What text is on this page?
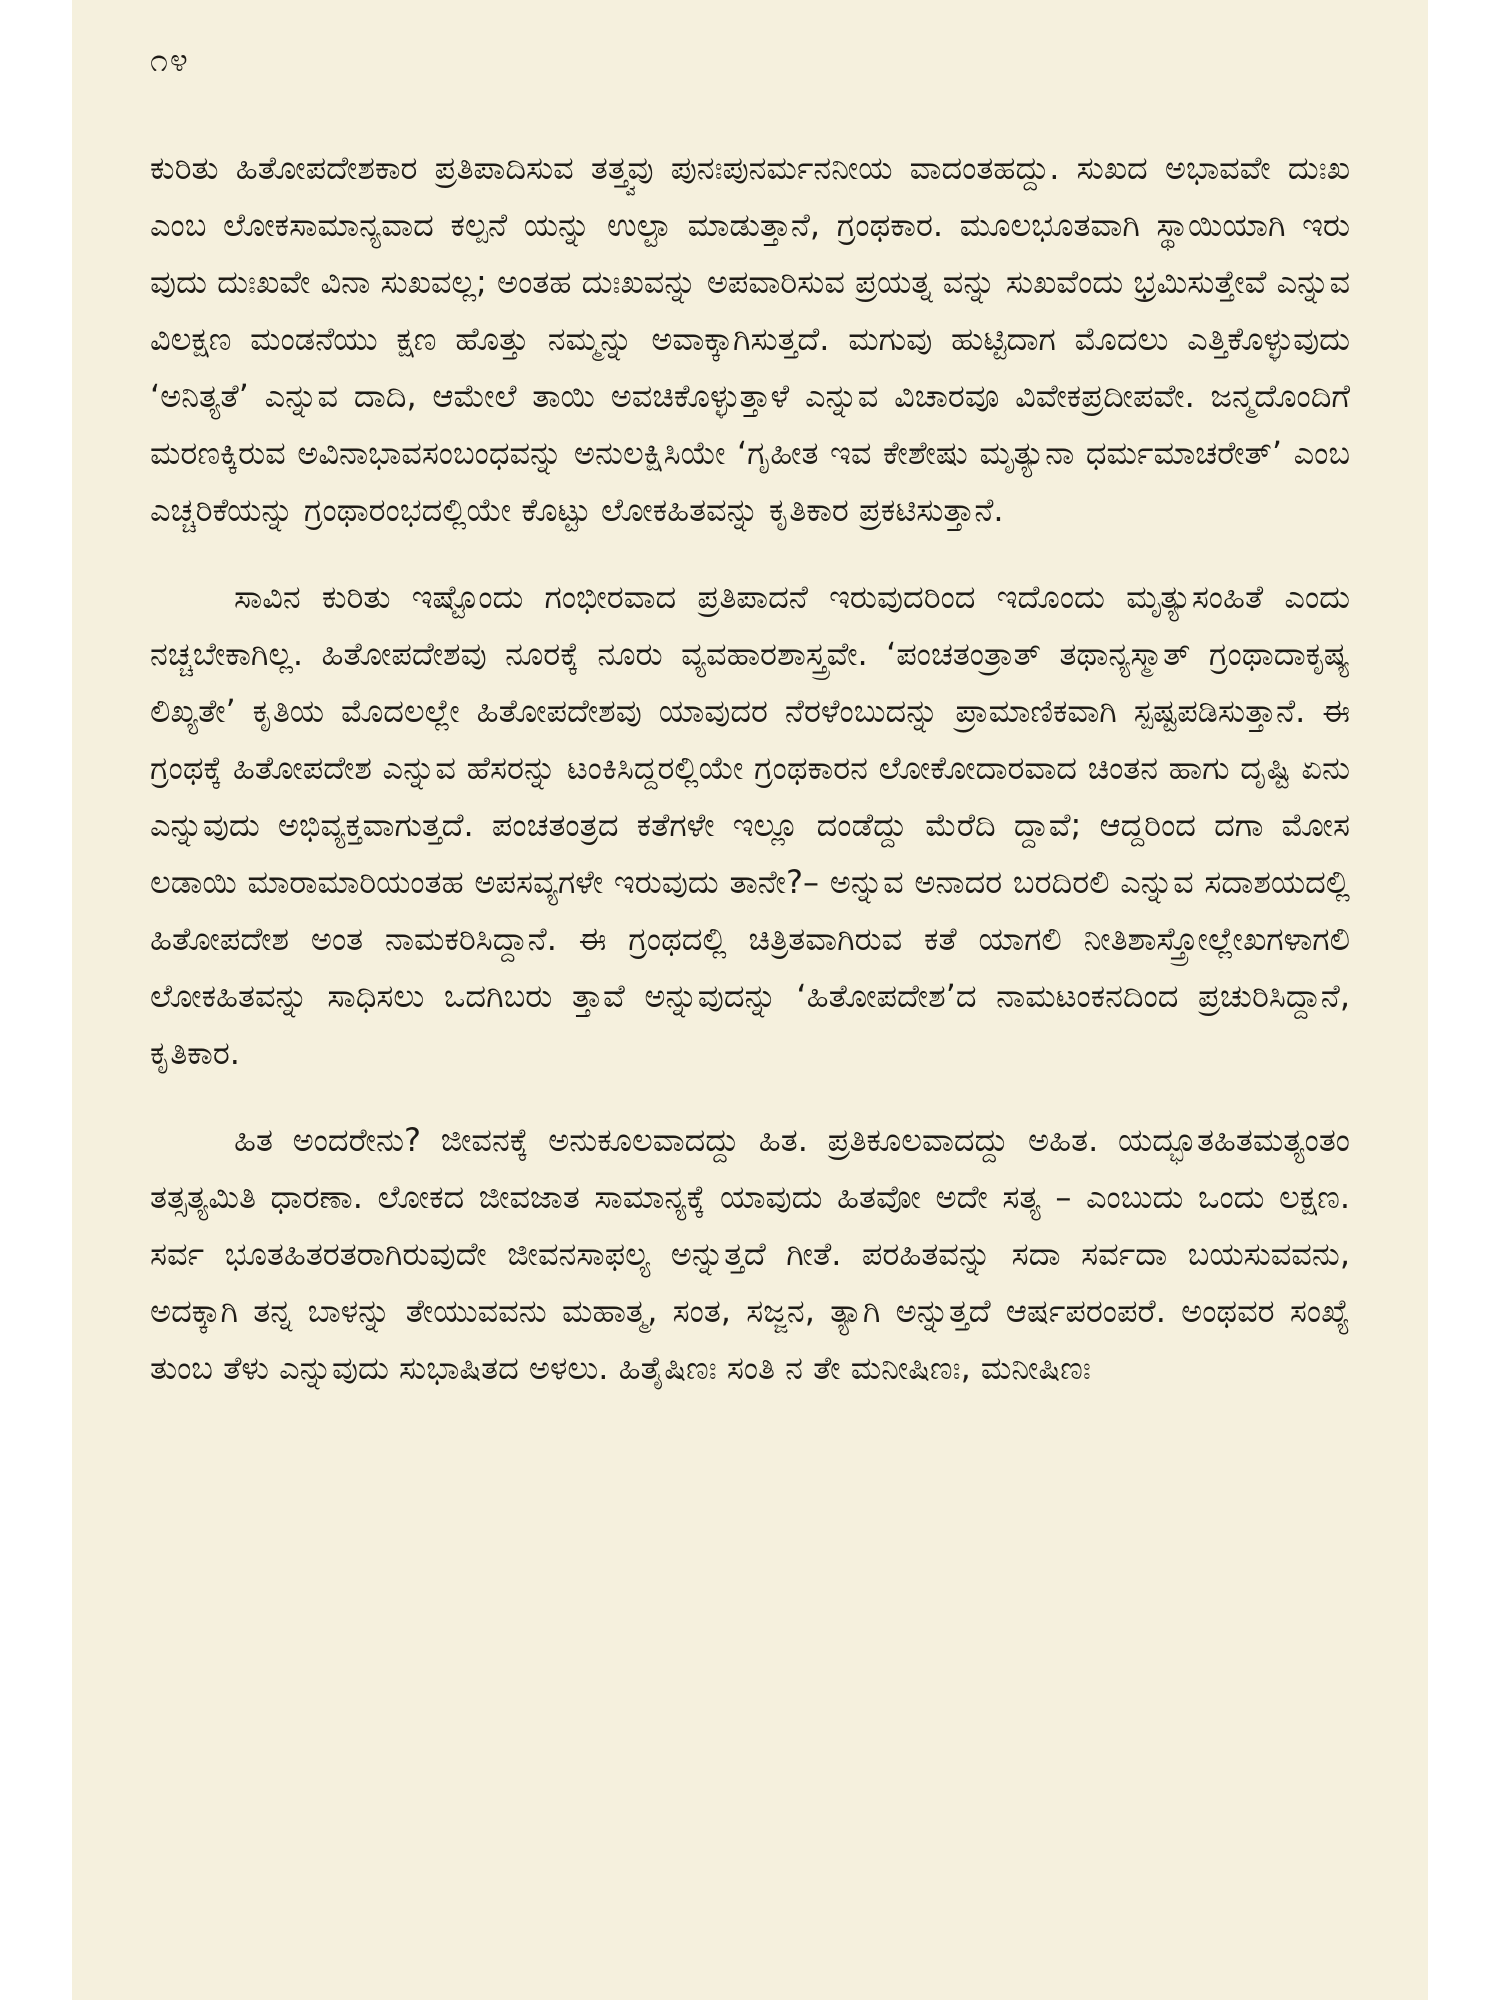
೧೪

ಕುರಿತು ಹಿತೋಪದೇಶಕಾರ ಪ್ರತಿಪಾದಿಸುವ ತತ್ತ್ವವು ಪುನಃಪುನರ್ಮನನೀಯ ವಾದಂತಹದ್ದು. ಸುಖದ ಅಭಾವವೇ ದುಃಖ ಎಂಬ ಲೋಕಸಾಮಾನ್ಯವಾದ ಕಲ್ಪನೆ ಯನ್ನು ಉಲ್ಟಾ ಮಾಡುತ್ತಾನೆ, ಗ್ರಂಥಕಾರ. ಮೂಲಭೂತವಾಗಿ ಸ್ಥಾಯಿಯಾಗಿ ಇರು ವುದು ದುಃಖವೇ ವಿನಾ ಸುಖವಲ್ಲ; ಅಂತಹ ದುಃಖವನ್ನು ಅಪವಾರಿಸುವ ಪ್ರಯತ್ನ ವನ್ನು ಸುಖವೆಂದು ಭ್ರಮಿಸುತ್ತೇವೆ ಎನ್ನುವ ವಿಲಕ್ಷಣ ಮಂಡನೆಯು ಕ್ಷಣ ಹೊತ್ತು ನಮ್ಮನ್ನು ಅವಾಕ್ಕಾಗಿಸುತ್ತದೆ. ಮಗುವು ಹುಟ್ಟಿದಾಗ ಮೊದಲು ಎತ್ತಿಕೊಳ್ಳುವುದು ‘ಅನಿತ್ಯತೆ’ ಎನ್ನುವ ದಾದಿ, ಆಮೇಲೆ ತಾಯಿ ಅವಚಿಕೊಳ್ಳುತ್ತಾಳೆ ಎನ್ನುವ ವಿಚಾರವೂ ವಿವೇಕಪ್ರದೀಪವೇ. ಜನ್ಮದೊಂದಿಗೆ ಮರಣಕ್ಕಿರುವ ಅವಿನಾಭಾವಸಂಬಂಧವನ್ನು ಅನುಲಕ್ಷಿಸಿಯೇ ‘ಗೃಹೀತ ಇವ ಕೇಶೇಷು ಮೃತ್ಯುನಾ ಧರ್ಮಮಾಚರೇತ್’ ಎಂಬ ಎಚ್ಚರಿಕೆಯನ್ನು ಗ್ರಂಥಾರಂಭದಲ್ಲಿಯೇ ಕೊಟ್ಟು ಲೋಕಹಿತವನ್ನು ಕೃತಿಕಾರ ಪ್ರಕಟಿಸುತ್ತಾನೆ.

ಸಾವಿನ ಕುರಿತು ಇಷ್ಟೊಂದು ಗಂಭೀರವಾದ ಪ್ರತಿಪಾದನೆ ಇರುವುದರಿಂದ ಇದೊಂದು ಮೃತ್ಯುಸಂಹಿತೆ ಎಂದು ನಚ್ಚಬೇಕಾಗಿಲ್ಲ. ಹಿತೋಪದೇಶವು ನೂರಕ್ಕೆ ನೂರು ವ್ಯವಹಾರಶಾಸ್ತ್ರವೇ. ‘ಪಂಚತಂತ್ರಾತ್ ತಥಾನ್ಯಸ್ಮಾತ್ ಗ್ರಂಥಾದಾಕೃಷ್ಯ ಲಿಖ್ಯತೇ’ ಕೃತಿಯ ಮೊದಲಲ್ಲೇ ಹಿತೋಪದೇಶವು ಯಾವುದರ ನೆರಳೆಂಬುದನ್ನು ಪ್ರಾಮಾಣಿಕವಾಗಿ ಸ್ಪಷ್ಟಪಡಿಸುತ್ತಾನೆ. ಈ ಗ್ರಂಥಕ್ಕೆ ಹಿತೋಪದೇಶ ಎನ್ನುವ ಹೆಸರನ್ನು ಟಂಕಿಸಿದ್ದರಲ್ಲಿಯೇ ಗ್ರಂಥಕಾರನ ಲೋಕೋದಾರವಾದ ಚಿಂತನ ಹಾಗು ದೃಷ್ಟಿ ಏನು ಎನ್ನುವುದು ಅಭಿವ್ಯಕ್ತವಾಗುತ್ತದೆ. ಪಂಚತಂತ್ರದ ಕತೆಗಳೇ ಇಲ್ಲೂ ದಂಡೆದ್ದು ಮೆರೆದಿ ದ್ದಾವೆ; ಆದ್ದರಿಂದ ದಗಾ ಮೋಸ ಲಡಾಯಿ ಮಾರಾಮಾರಿಯಂತಹ ಅಪಸವ್ಯಗಳೇ ಇರುವುದು ತಾನೇ?– ಅನ್ನುವ ಅನಾದರ ಬರದಿರಲಿ ಎನ್ನುವ ಸದಾಶಯದಲ್ಲಿ ಹಿತೋಪದೇಶ ಅಂತ ನಾಮಕರಿಸಿದ್ದಾನೆ. ಈ ಗ್ರಂಥದಲ್ಲಿ ಚಿತ್ರಿತವಾಗಿರುವ ಕತೆ ಯಾಗಲಿ ನೀತಿಶಾಸ್ತ್ರೋಲ್ಲೇಖಗಳಾಗಲಿ ಲೋಕಹಿತವನ್ನು ಸಾಧಿಸಲು ಒದಗಿಬರು ತ್ತಾವೆ ಅನ್ನುವುದನ್ನು ‘ಹಿತೋಪದೇಶ’ದ ನಾಮಟಂಕನದಿಂದ ಪ್ರಚುರಿಸಿದ್ದಾನೆ, ಕೃತಿಕಾರ.

ಹಿತ ಅಂದರೇನು? ಜೀವನಕ್ಕೆ ಅನುಕೂಲವಾದದ್ದು ಹಿತ. ಪ್ರತಿಕೂಲವಾದದ್ದು ಅಹಿತ. ಯದ್ಭೂತಹಿತಮತ್ಯಂತಂ ತತ್ಸತ್ಯಮಿತಿ ಧಾರಣಾ. ಲೋಕದ ಜೀವಜಾತ ಸಾಮಾನ್ಯಕ್ಕೆ ಯಾವುದು ಹಿತವೋ ಅದೇ ಸತ್ಯ – ಎಂಬುದು ಒಂದು ಲಕ್ಷಣ. ಸರ್ವ ಭೂತಹಿತರತರಾಗಿರುವುದೇ ಜೀವನಸಾಫಲ್ಯ ಅನ್ನುತ್ತದೆ ಗೀತೆ. ಪರಹಿತವನ್ನು ಸದಾ ಸರ್ವದಾ ಬಯಸುವವನು, ಅದಕ್ಕಾಗಿ ತನ್ನ ಬಾಳನ್ನು ತೇಯುವವನು ಮಹಾತ್ಮ, ಸಂತ, ಸಜ್ಜನ, ತ್ಯಾಗಿ ಅನ್ನುತ್ತದೆ ಆರ್ಷಪರಂಪರೆ. ಅಂಥವರ ಸಂಖ್ಯೆ ತುಂಬ ತೆಳು ಎನ್ನುವುದು ಸುಭಾಷಿತದ ಅಳಲು. ಹಿತೈಷಿಣಃ ಸಂತಿ ನ ತೇ ಮನೀಷಿಣಃ, ಮನೀಷಿಣಃ
